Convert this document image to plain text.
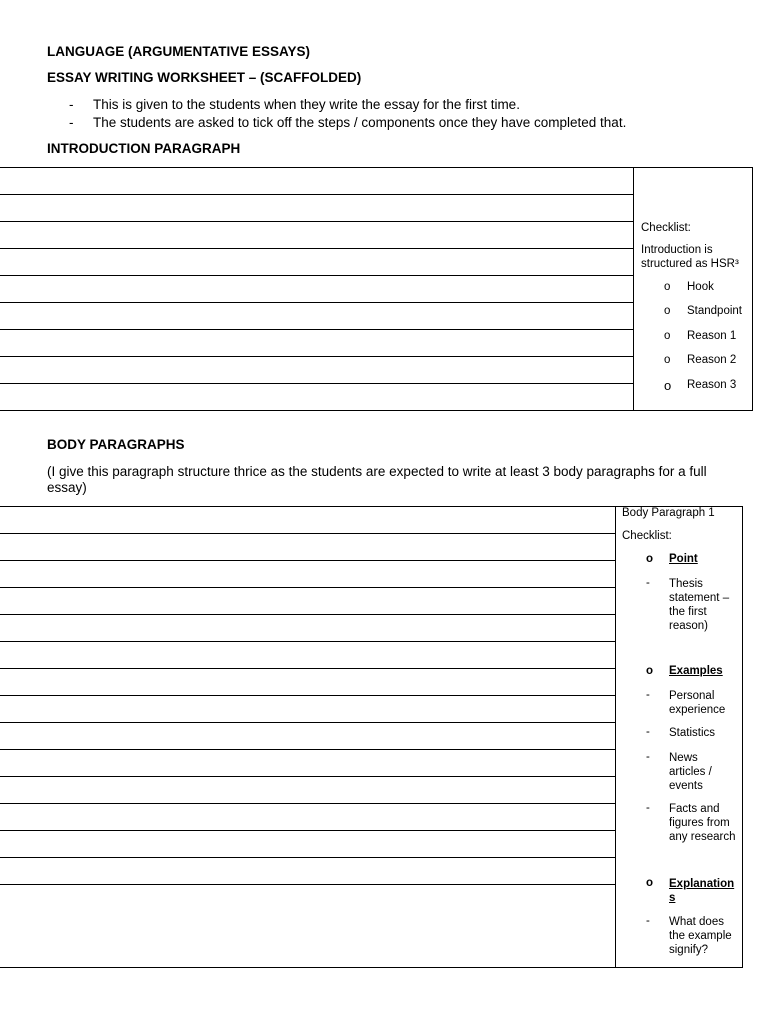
LANGUAGE (ARGUMENTATIVE ESSAYS)
ESSAY WRITING WORKSHEET – (SCAFFOLDED)
- This is given to the students when they write the essay for the first time.
- The students are asked to tick off the steps / components once they have completed that.
INTRODUCTION PARAGRAPH
Checklist:
Introduction is structured as HSR³
o Hook
o Standpoint
o Reason 1
o Reason 2
o Reason 3
BODY PARAGRAPHS
(I give this paragraph structure thrice as the students are expected to write at least 3 body paragraphs for a full essay)
Body Paragraph 1
Checklist:
o Point
- Thesis statement – the first reason)
o Examples
- Personal experience
- Statistics
- News articles / events
- Facts and figures from any research
o Explanations
- What does the example signify?
